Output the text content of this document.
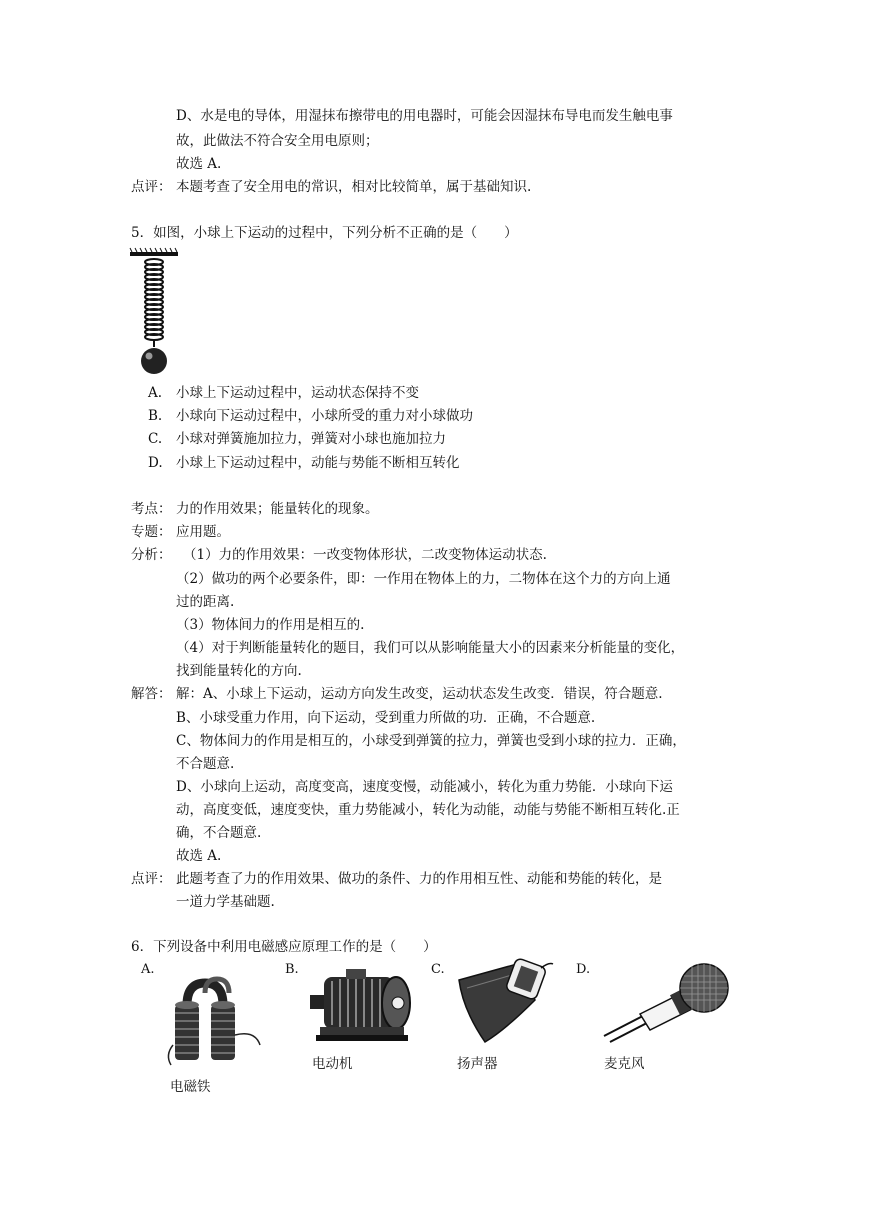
D、水是电的导体，用湿抹布擦带电的用电器时，可能会因湿抹布导电而发生触电事
故，此做法不符合安全用电原则；
故选 A.
点评： 本题考查了安全用电的常识，相对比较简单，属于基础知识.
5．如图，小球上下运动的过程中，下列分析不正确的是（　　）
A. 小球上下运动过程中，运动状态保持不变
B. 小球向下运动过程中，小球所受的重力对小球做功
C. 小球对弹簧施加拉力，弹簧对小球也施加拉力
D. 小球上下运动过程中，动能与势能不断相互转化
考点： 力的作用效果；能量转化的现象。
专题： 应用题。
分析： （1）力的作用效果：一改变物体形状，二改变物体运动状态.
（2）做功的两个必要条件，即：一作用在物体上的力，二物体在这个力的方向上通
过的距离.
（3）物体间力的作用是相互的.
（4）对于判断能量转化的题目，我们可以从影响能量大小的因素来分析能量的变化，
找到能量转化的方向.
解答： 解：A、小球上下运动，运动方向发生改变，运动状态发生改变．错误，符合题意.
B、小球受重力作用，向下运动，受到重力所做的功．正确，不合题意.
C、物体间力的作用是相互的，小球受到弹簧的拉力，弹簧也受到小球的拉力．正确，
不合题意.
D、小球向上运动，高度变高，速度变慢，动能减小，转化为重力势能．小球向下运
动，高度变低，速度变快，重力势能减小，转化为动能，动能与势能不断相互转化.正
确，不合题意.
故选 A.
点评： 此题考查了力的作用效果、做功的条件、力的作用相互性、动能和势能的转化，是
一道力学基础题.
6．下列设备中利用电磁感应原理工作的是（　　）
A.	B.	C.	D.
电磁铁
电动机	扬声器	麦克风
